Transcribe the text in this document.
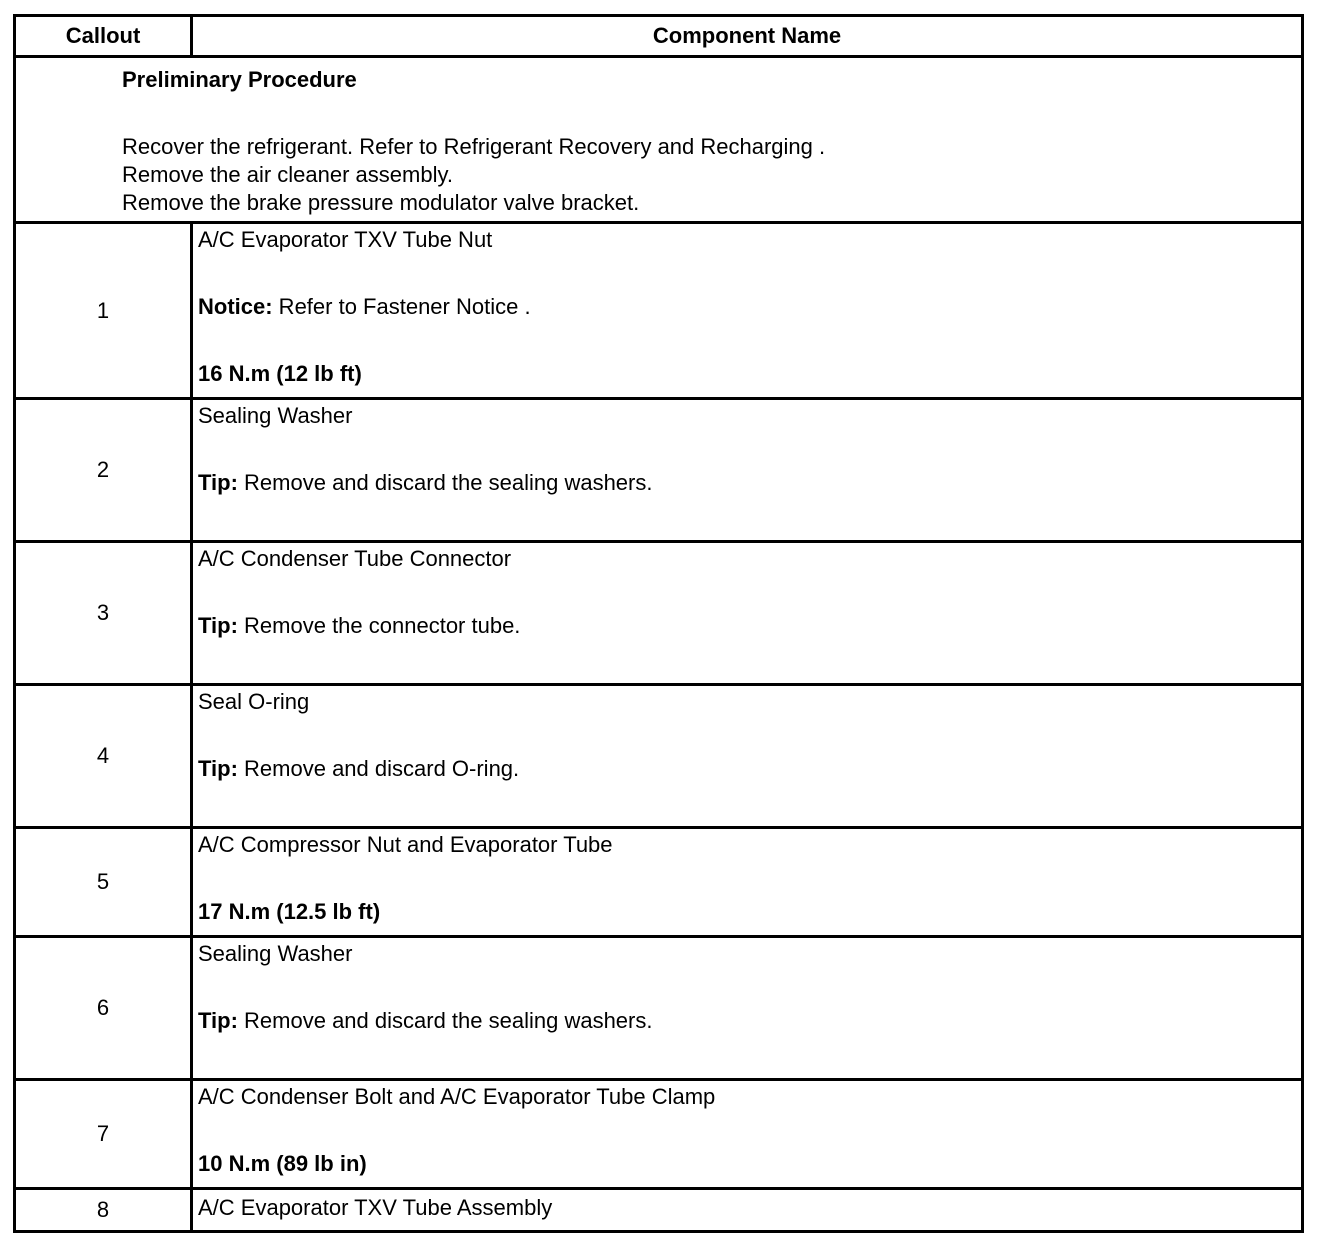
Callout	Component Name

Preliminary Procedure
Recover the refrigerant. Refer to Refrigerant Recovery and Recharging .
Remove the air cleaner assembly.
Remove the brake pressure modulator valve bracket.	

1	A/C Evaporator TXV Tube Nut
Notice: Refer to Fastener Notice .
16 N.m (12 lb ft)

2	Sealing Washer
Tip: Remove and discard the sealing washers.

3	A/C Condenser Tube Connector
Tip: Remove the connector tube.

4	Seal O-ring
Tip: Remove and discard O-ring.

5	A/C Compressor Nut and Evaporator Tube
17 N.m (12.5 lb ft)

6	Sealing Washer
Tip: Remove and discard the sealing washers.

7	A/C Condenser Bolt and A/C Evaporator Tube Clamp
10 N.m (89 lb in)

8	A/C Evaporator TXV Tube Assembly
